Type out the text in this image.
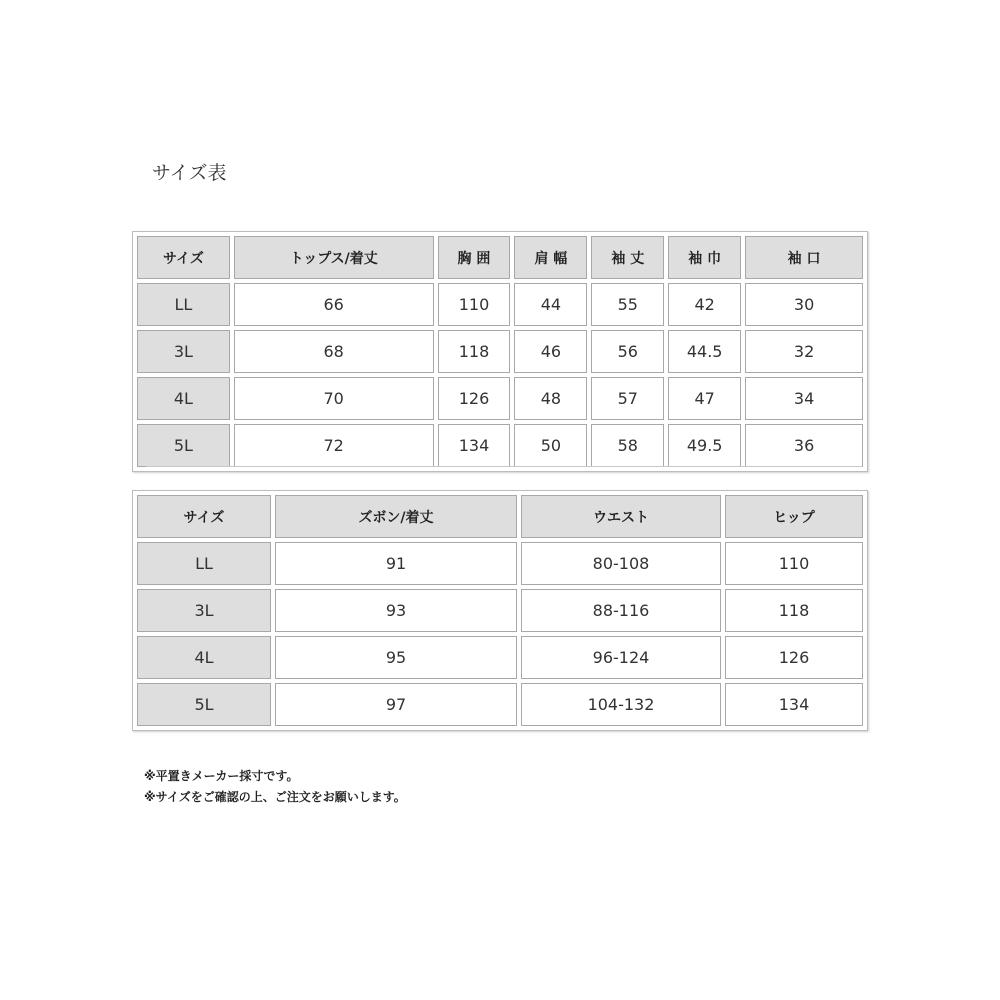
サイズ表
サイズ	トップス/着丈	胸 囲	肩 幅	袖 丈	袖 巾	袖 口
LL	66	110	44	55	42	30
3L	68	118	46	56	44.5	32
4L	70	126	48	57	47	34
5L	72	134	50	58	49.5	36
サイズ	ズボン/着丈	ウエスト	ヒップ
LL	91	80-108	110
3L	93	88-116	118
4L	95	96-124	126
5L	97	104-132	134
※平置きメーカー採寸です。
※サイズをご確認の上、ご注文をお願いします。
